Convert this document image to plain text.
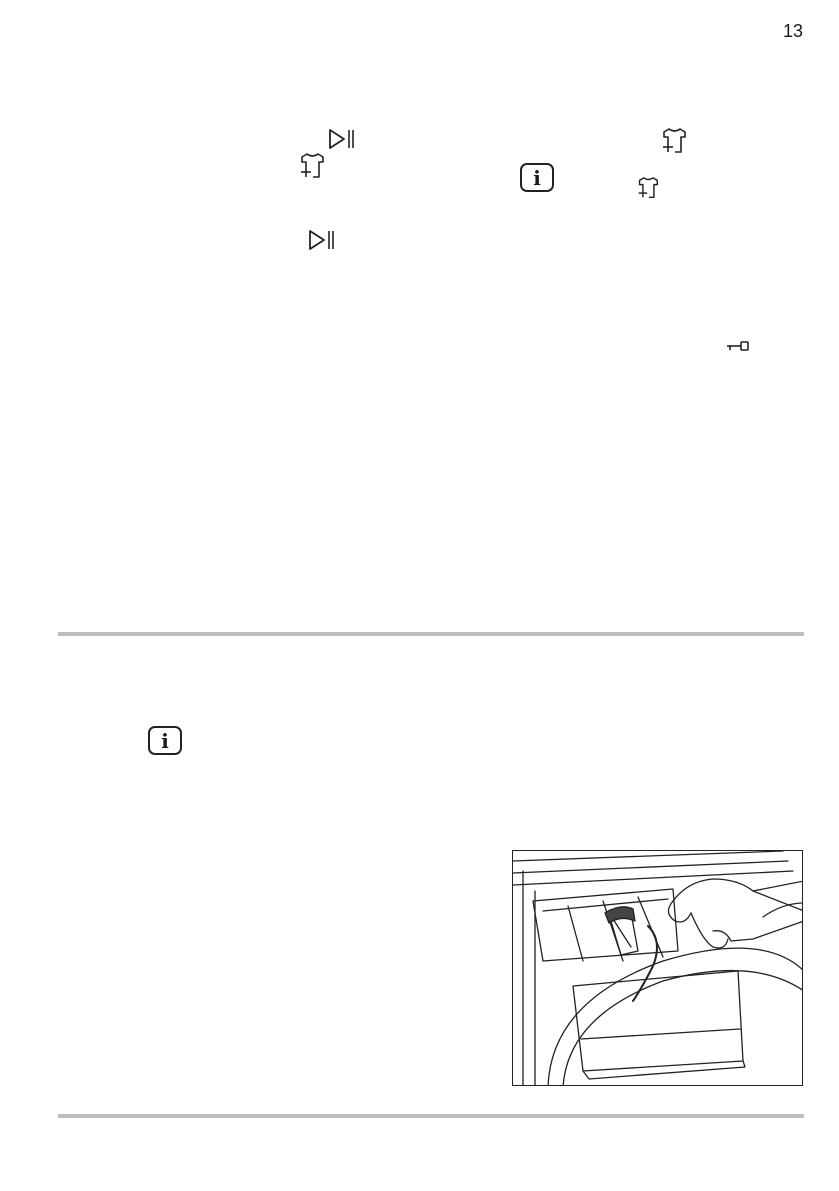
13
i
i
